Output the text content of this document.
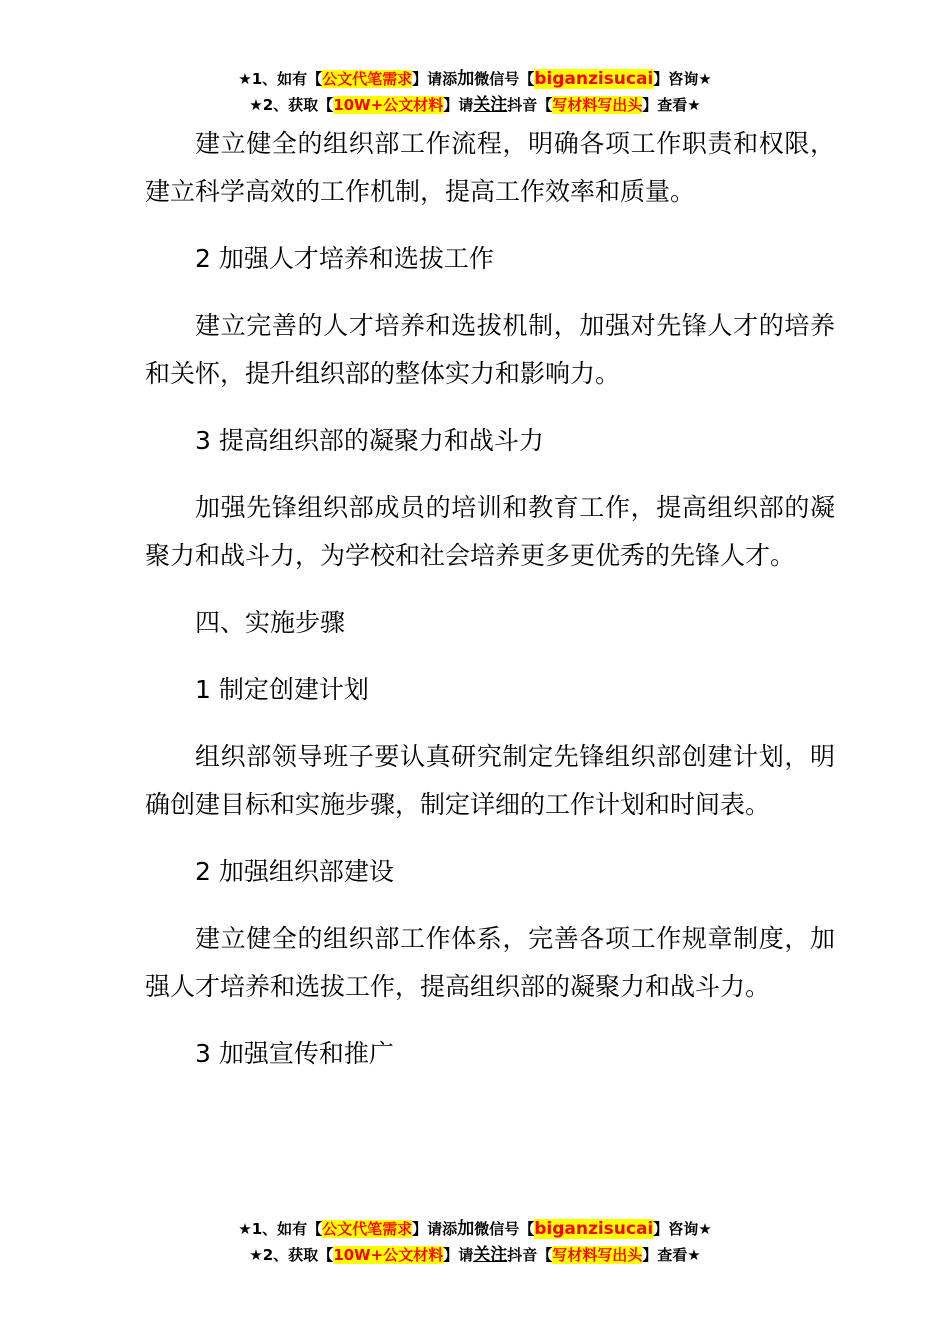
★1、如有【公文代笔需求】请添加微信号【biganzisucai】咨询★
★2、获取【10W+公文材料】请关注抖音【写材料写出头】查看★

建立健全的组织部工作流程，明确各项工作职责和权限，建立科学高效的工作机制，提高工作效率和质量。

2 加强人才培养和选拔工作

建立完善的人才培养和选拔机制，加强对先锋人才的培养和关怀，提升组织部的整体实力和影响力。

3 提高组织部的凝聚力和战斗力

加强先锋组织部成员的培训和教育工作，提高组织部的凝聚力和战斗力，为学校和社会培养更多更优秀的先锋人才。

四、实施步骤

1 制定创建计划

组织部领导班子要认真研究制定先锋组织部创建计划，明确创建目标和实施步骤，制定详细的工作计划和时间表。

2 加强组织部建设

建立健全的组织部工作体系，完善各项工作规章制度，加强人才培养和选拔工作，提高组织部的凝聚力和战斗力。

3 加强宣传和推广

★1、如有【公文代笔需求】请添加微信号【biganzisucai】咨询★
★2、获取【10W+公文材料】请关注抖音【写材料写出头】查看★
